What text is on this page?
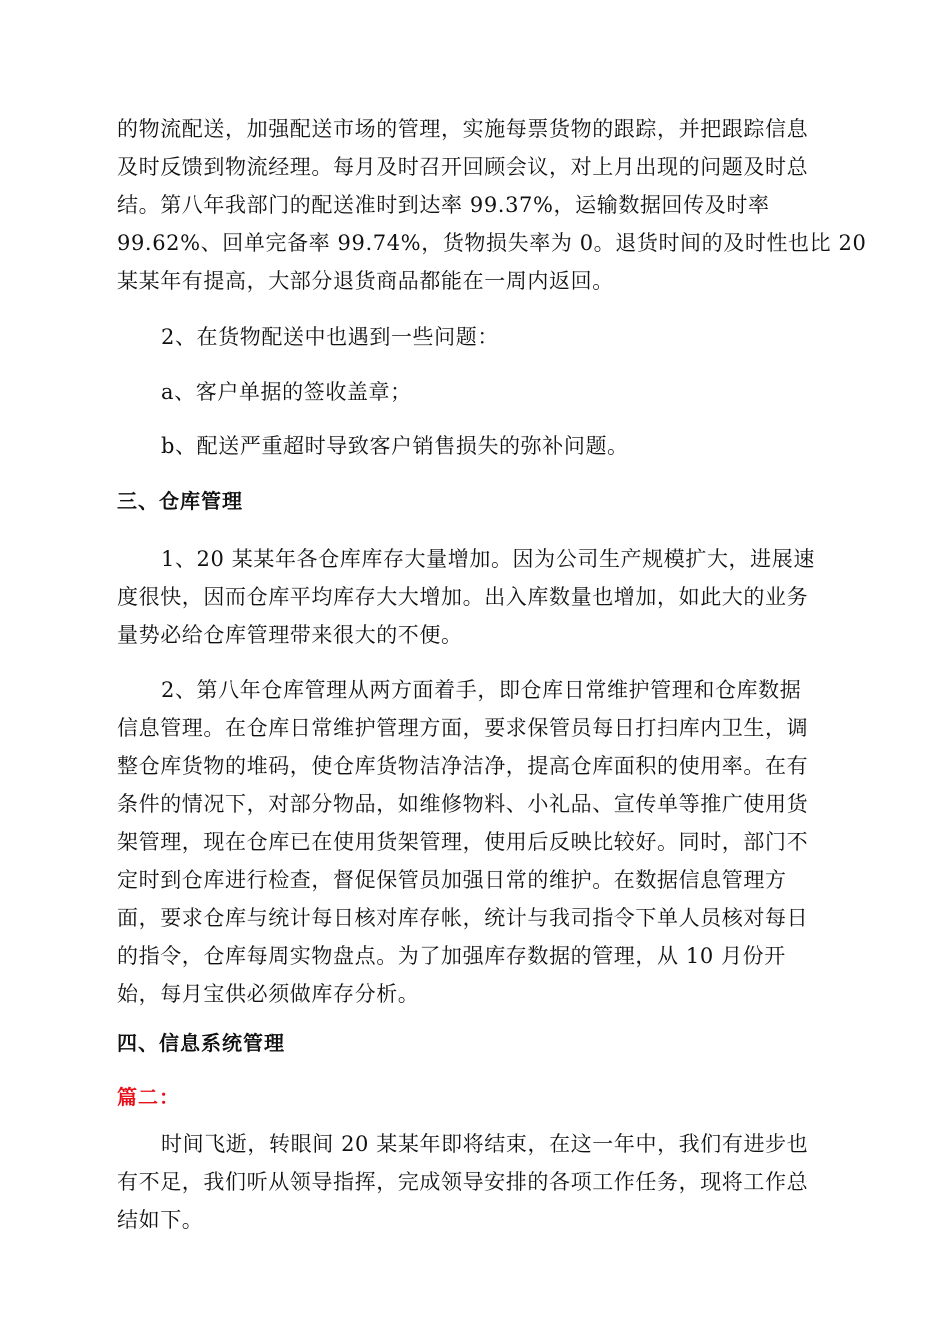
的物流配送，加强配送市场的管理，实施每票货物的跟踪，并把跟踪信息
及时反馈到物流经理。每月及时召开回顾会议，对上月出现的问题及时总
结。第八年我部门的配送准时到达率 99.37%，运输数据回传及时率
99.62%、回单完备率 99.74%，货物损失率为 0。退货时间的及时性也比 20
某某年有提高，大部分退货商品都能在一周内返回。
2、在货物配送中也遇到一些问题：
a、客户单据的签收盖章；
b、配送严重超时导致客户销售损失的弥补问题。
三、仓库管理
1、20 某某年各仓库库存大量增加。因为公司生产规模扩大，进展速
度很快，因而仓库平均库存大大增加。出入库数量也增加，如此大的业务
量势必给仓库管理带来很大的不便。
2、第八年仓库管理从两方面着手，即仓库日常维护管理和仓库数据
信息管理。在仓库日常维护管理方面，要求保管员每日打扫库内卫生，调
整仓库货物的堆码，使仓库货物洁净洁净，提高仓库面积的使用率。在有
条件的情况下，对部分物品，如维修物料、小礼品、宣传单等推广使用货
架管理，现在仓库已在使用货架管理，使用后反映比较好。同时，部门不
定时到仓库进行检查，督促保管员加强日常的维护。在数据信息管理方
面，要求仓库与统计每日核对库存帐，统计与我司指令下单人员核对每日
的指令，仓库每周实物盘点。为了加强库存数据的管理，从 10 月份开
始，每月宝供必须做库存分析。
四、信息系统管理
篇二：
时间飞逝，转眼间 20 某某年即将结束，在这一年中，我们有进步也
有不足，我们听从领导指挥，完成领导安排的各项工作任务，现将工作总
结如下。
